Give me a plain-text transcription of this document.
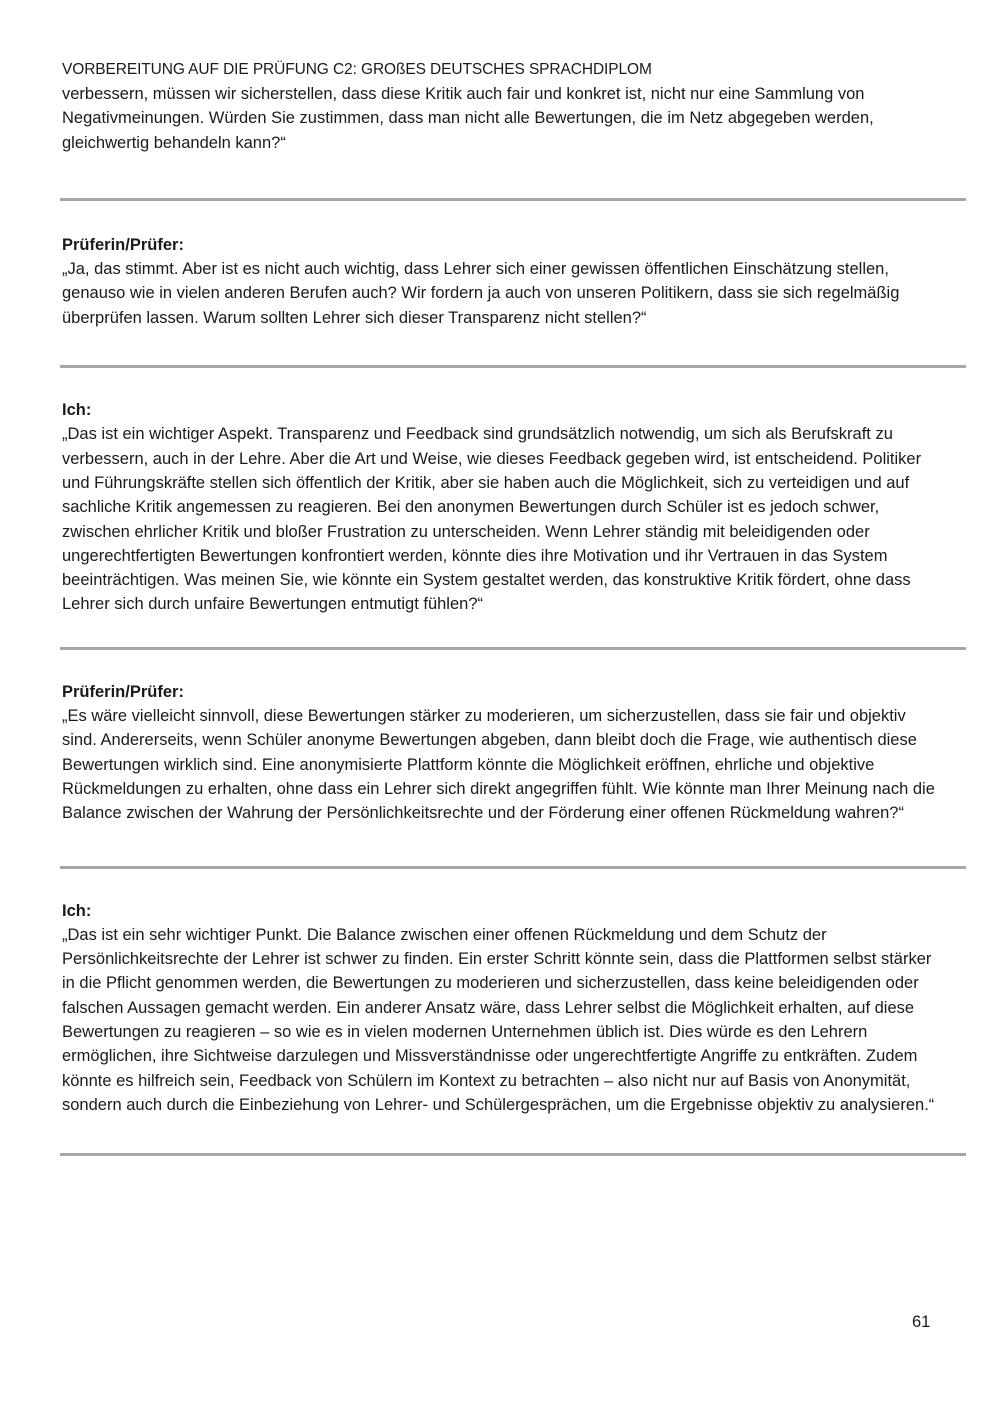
VORBEREITUNG AUF DIE PRÜFUNG C2: GROßES DEUTSCHES SPRACHDIPLOM

verbessern, müssen wir sicherstellen, dass diese Kritik auch fair und konkret ist, nicht nur eine Sammlung von Negativmeinungen. Würden Sie zustimmen, dass man nicht alle Bewertungen, die im Netz abgegeben werden, gleichwertig behandeln kann?“

Prüferin/Prüfer:

„Ja, das stimmt. Aber ist es nicht auch wichtig, dass Lehrer sich einer gewissen öffentlichen Einschätzung stellen, genauso wie in vielen anderen Berufen auch? Wir fordern ja auch von unseren Politikern, dass sie sich regelmäßig überprüfen lassen. Warum sollten Lehrer sich dieser Transparenz nicht stellen?“

Ich:

„Das ist ein wichtiger Aspekt. Transparenz und Feedback sind grundsätzlich notwendig, um sich als Berufskraft zu verbessern, auch in der Lehre. Aber die Art und Weise, wie dieses Feedback gegeben wird, ist entscheidend. Politiker und Führungskräfte stellen sich öffentlich der Kritik, aber sie haben auch die Möglichkeit, sich zu verteidigen und auf sachliche Kritik angemessen zu reagieren. Bei den anonymen Bewertungen durch Schüler ist es jedoch schwer, zwischen ehrlicher Kritik und bloßer Frustration zu unterscheiden. Wenn Lehrer ständig mit beleidigenden oder ungerechtfertigten Bewertungen konfrontiert werden, könnte dies ihre Motivation und ihr Vertrauen in das System beeinträchtigen. Was meinen Sie, wie könnte ein System gestaltet werden, das konstruktive Kritik fördert, ohne dass Lehrer sich durch unfaire Bewertungen entmutigt fühlen?“

Prüferin/Prüfer:

„Es wäre vielleicht sinnvoll, diese Bewertungen stärker zu moderieren, um sicherzustellen, dass sie fair und objektiv sind. Andererseits, wenn Schüler anonyme Bewertungen abgeben, dann bleibt doch die Frage, wie authentisch diese Bewertungen wirklich sind. Eine anonymisierte Plattform könnte die Möglichkeit eröffnen, ehrliche und objektive Rückmeldungen zu erhalten, ohne dass ein Lehrer sich direkt angegriffen fühlt. Wie könnte man Ihrer Meinung nach die Balance zwischen der Wahrung der Persönlichkeitsrechte und der Förderung einer offenen Rückmeldung wahren?“

Ich:

„Das ist ein sehr wichtiger Punkt. Die Balance zwischen einer offenen Rückmeldung und dem Schutz der Persönlichkeitsrechte der Lehrer ist schwer zu finden. Ein erster Schritt könnte sein, dass die Plattformen selbst stärker in die Pflicht genommen werden, die Bewertungen zu moderieren und sicherzustellen, dass keine beleidigenden oder falschen Aussagen gemacht werden. Ein anderer Ansatz wäre, dass Lehrer selbst die Möglichkeit erhalten, auf diese Bewertungen zu reagieren – so wie es in vielen modernen Unternehmen üblich ist. Dies würde es den Lehrern ermöglichen, ihre Sichtweise darzulegen und Missverständnisse oder ungerechtfertigte Angriffe zu entkräften. Zudem könnte es hilfreich sein, Feedback von Schülern im Kontext zu betrachten – also nicht nur auf Basis von Anonymität, sondern auch durch die Einbeziehung von Lehrer- und Schülergesprächen, um die Ergebnisse objektiv zu analysieren.“

61
